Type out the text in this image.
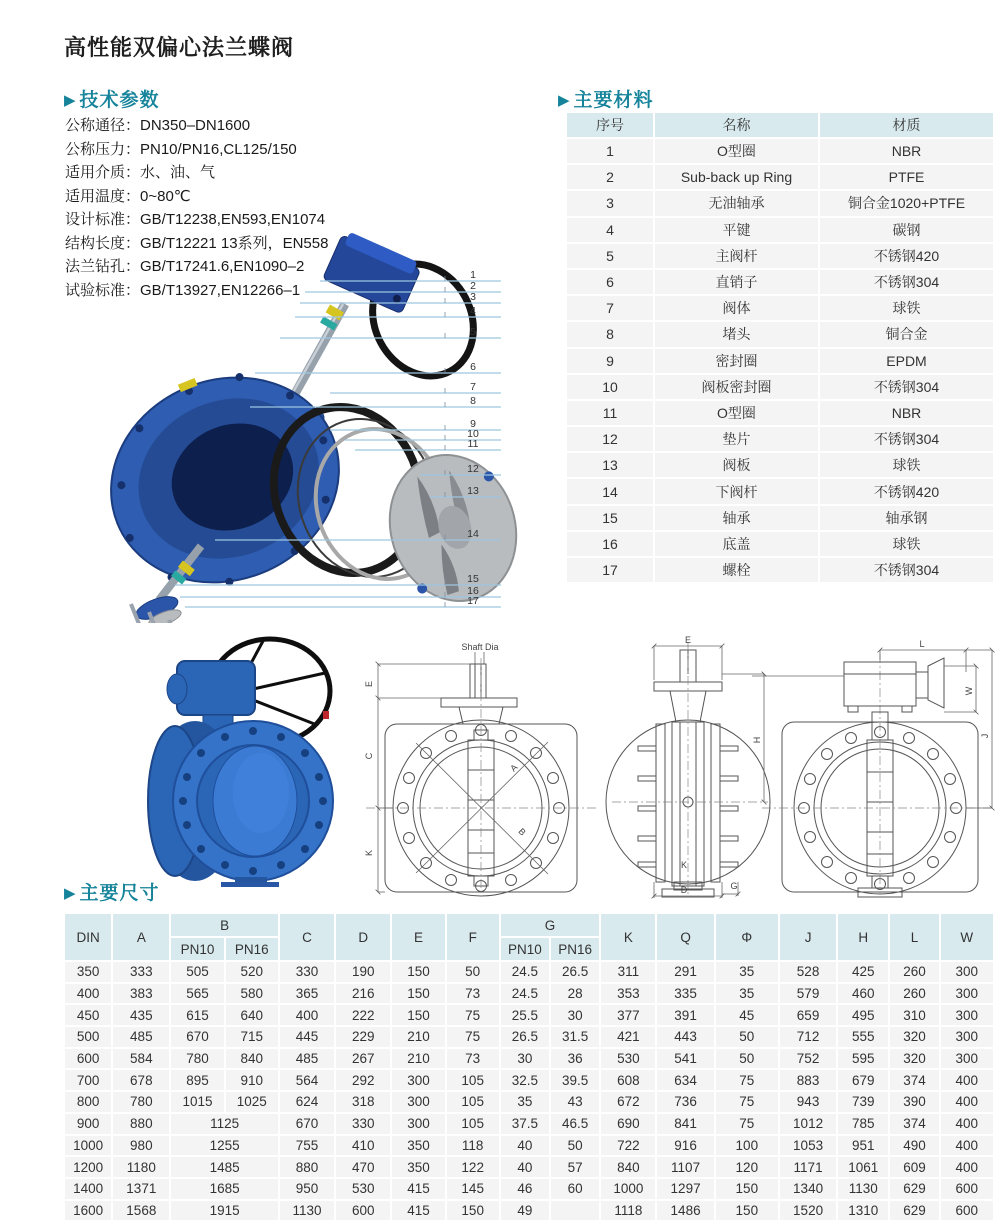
高性能双偏心法兰蝶阀
▶ 技术参数
公称通径：DN350–DN1600
公称压力：PN10/PN16,CL125/150
适用介质：水、油、气
适用温度：0~80℃
设计标准：GB/T12238,EN593,EN1074
结构长度：GB/T12221 13系列，EN558
法兰钻孔：GB/T17241.6,EN1090–2
试验标准：GB/T13927,EN12266–1
▶ 主要材料
序号	名称	材质
1	O型圈	NBR
2	Sub-back up Ring	PTFE
3	无油轴承	铜合金1020+PTFE
4	平键	碳钢
5	主阀杆	不锈钢420
6	直销子	不锈钢304
7	阀体	球铁
8	堵头	铜合金
9	密封圈	EPDM
10	阀板密封圈	不锈钢304
11	O型圈	NBR
12	垫片	不锈钢304
13	阀板	球铁
14	下阀杆	不锈钢420
15	轴承	轴承钢
16	底盖	球铁
17	螺栓	不锈钢304
1
2
3
4
5
6
7
8
9
10
11
12
13
14
15
16
17
Shaft Dia
A
B
E
C
K
E
K
D	G
H
L
W
J
▶ 主要尺寸
DIN	A	B		C	D	E	F	G		K	Q	Φ	J	H	L	W
		PN10	PN16					PN10	PN16							
350	333	505	520	330	190	150	50	24.5	26.5	311	291	35	528	425	260	300
400	383	565	580	365	216	150	73	24.5	28	353	335	35	579	460	260	300
450	435	615	640	400	222	150	75	25.5	30	377	391	45	659	495	310	300
500	485	670	715	445	229	210	75	26.5	31.5	421	443	50	712	555	320	300
600	584	780	840	485	267	210	73	30	36	530	541	50	752	595	320	300
700	678	895	910	564	292	300	105	32.5	39.5	608	634	75	883	679	374	400
800	780	1015	1025	624	318	300	105	35	43	672	736	75	943	739	390	400
900	880	1125		670	330	300	105	37.5	46.5	690	841	75	1012	785	374	400
1000	980	1255		755	410	350	118	40	50	722	916	100	1053	951	490	400
1200	1180	1485		880	470	350	122	40	57	840	1107	120	1171	1061	609	400
1400	1371	1685		950	530	415	145	46	60	1000	1297	150	1340	1130	629	600
1600	1568	1915		1130	600	415	150	49		1118	1486	150	1520	1310	629	600
